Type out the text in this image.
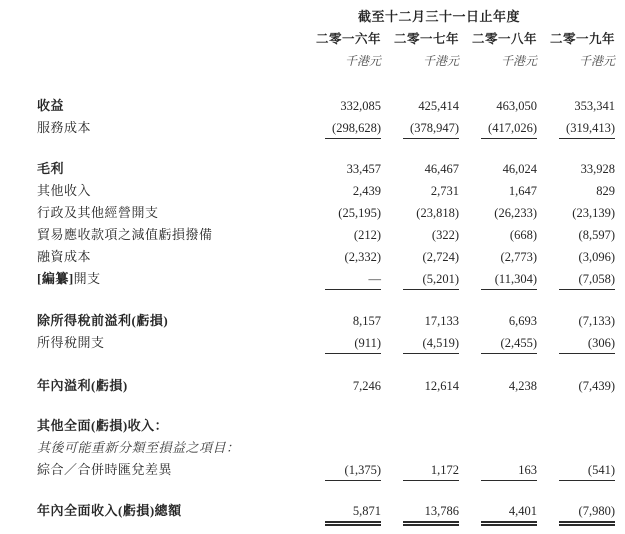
截至十二月三十一日止年度
二零一六年	二零一七年	二零一八年	二零一九年
千港元	千港元	千港元	千港元
收益	332,085	425,414	463,050	353,341
服務成本	(298,628)	(378,947)	(417,026)	(319,413)
毛利	33,457	46,467	46,024	33,928
其他收入	2,439	2,731	1,647	829
行政及其他經營開支	(25,195)	(23,818)	(26,233)	(23,139)
貿易應收款項之減值虧損撥備	(212)	(322)	(668)	(8,597)
融資成本	(2,332)	(2,724)	(2,773)	(3,096)
[編纂]開支	—	(5,201)	(11,304)	(7,058)
除所得稅前溢利(虧損)	8,157	17,133	6,693	(7,133)
所得稅開支	(911)	(4,519)	(2,455)	(306)
年內溢利(虧損)	7,246	12,614	4,238	(7,439)
其他全面(虧損)收入：
其後可能重新分類至損益之項目：
綜合／合併時匯兌差異	(1,375)	1,172	163	(541)
年內全面收入(虧損)總額	5,871	13,786	4,401	(7,980)
